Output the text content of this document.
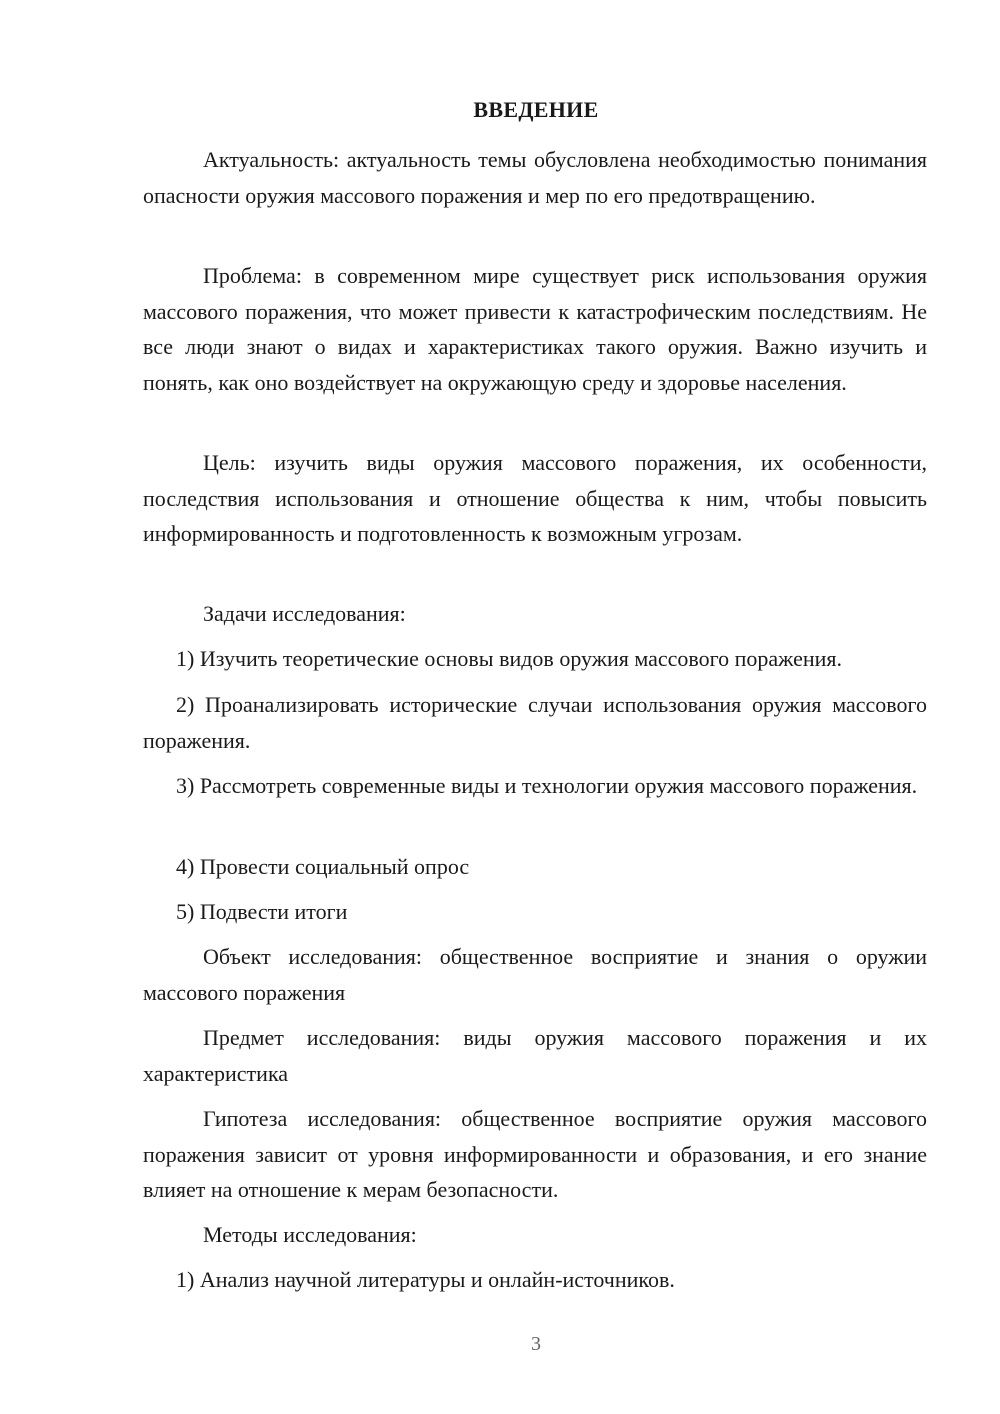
ВВЕДЕНИЕ

Актуальность: актуальность темы обусловлена необходимостью понимания опасности оружия массового поражения и мер по его предотвращению.

Проблема: в современном мире существует риск использования оружия массового поражения, что может привести к катастрофическим последствиям. Не все люди знают о видах и характеристиках такого оружия. Важно изучить и понять, как оно воздействует на окружающую среду и здоровье населения.

Цель: изучить виды оружия массового поражения, их особенности, последствия использования и отношение общества к ним, чтобы повысить информированность и подготовленность к возможным угрозам.

Задачи исследования:

1) Изучить теоретические основы видов оружия массового поражения.

2) Проанализировать исторические случаи использования оружия массового поражения.

3) Рассмотреть современные виды и технологии оружия массового поражения.

4) Провести социальный опрос

5) Подвести итоги

Объект исследования: общественное восприятие и знания о оружии массового поражения

Предмет исследования: виды оружия массового поражения и их характеристика

Гипотеза исследования: общественное восприятие оружия массового поражения зависит от уровня информированности и образования, и его знание влияет на отношение к мерам безопасности.

Методы исследования:

1) Анализ научной литературы и онлайн-источников.

3
